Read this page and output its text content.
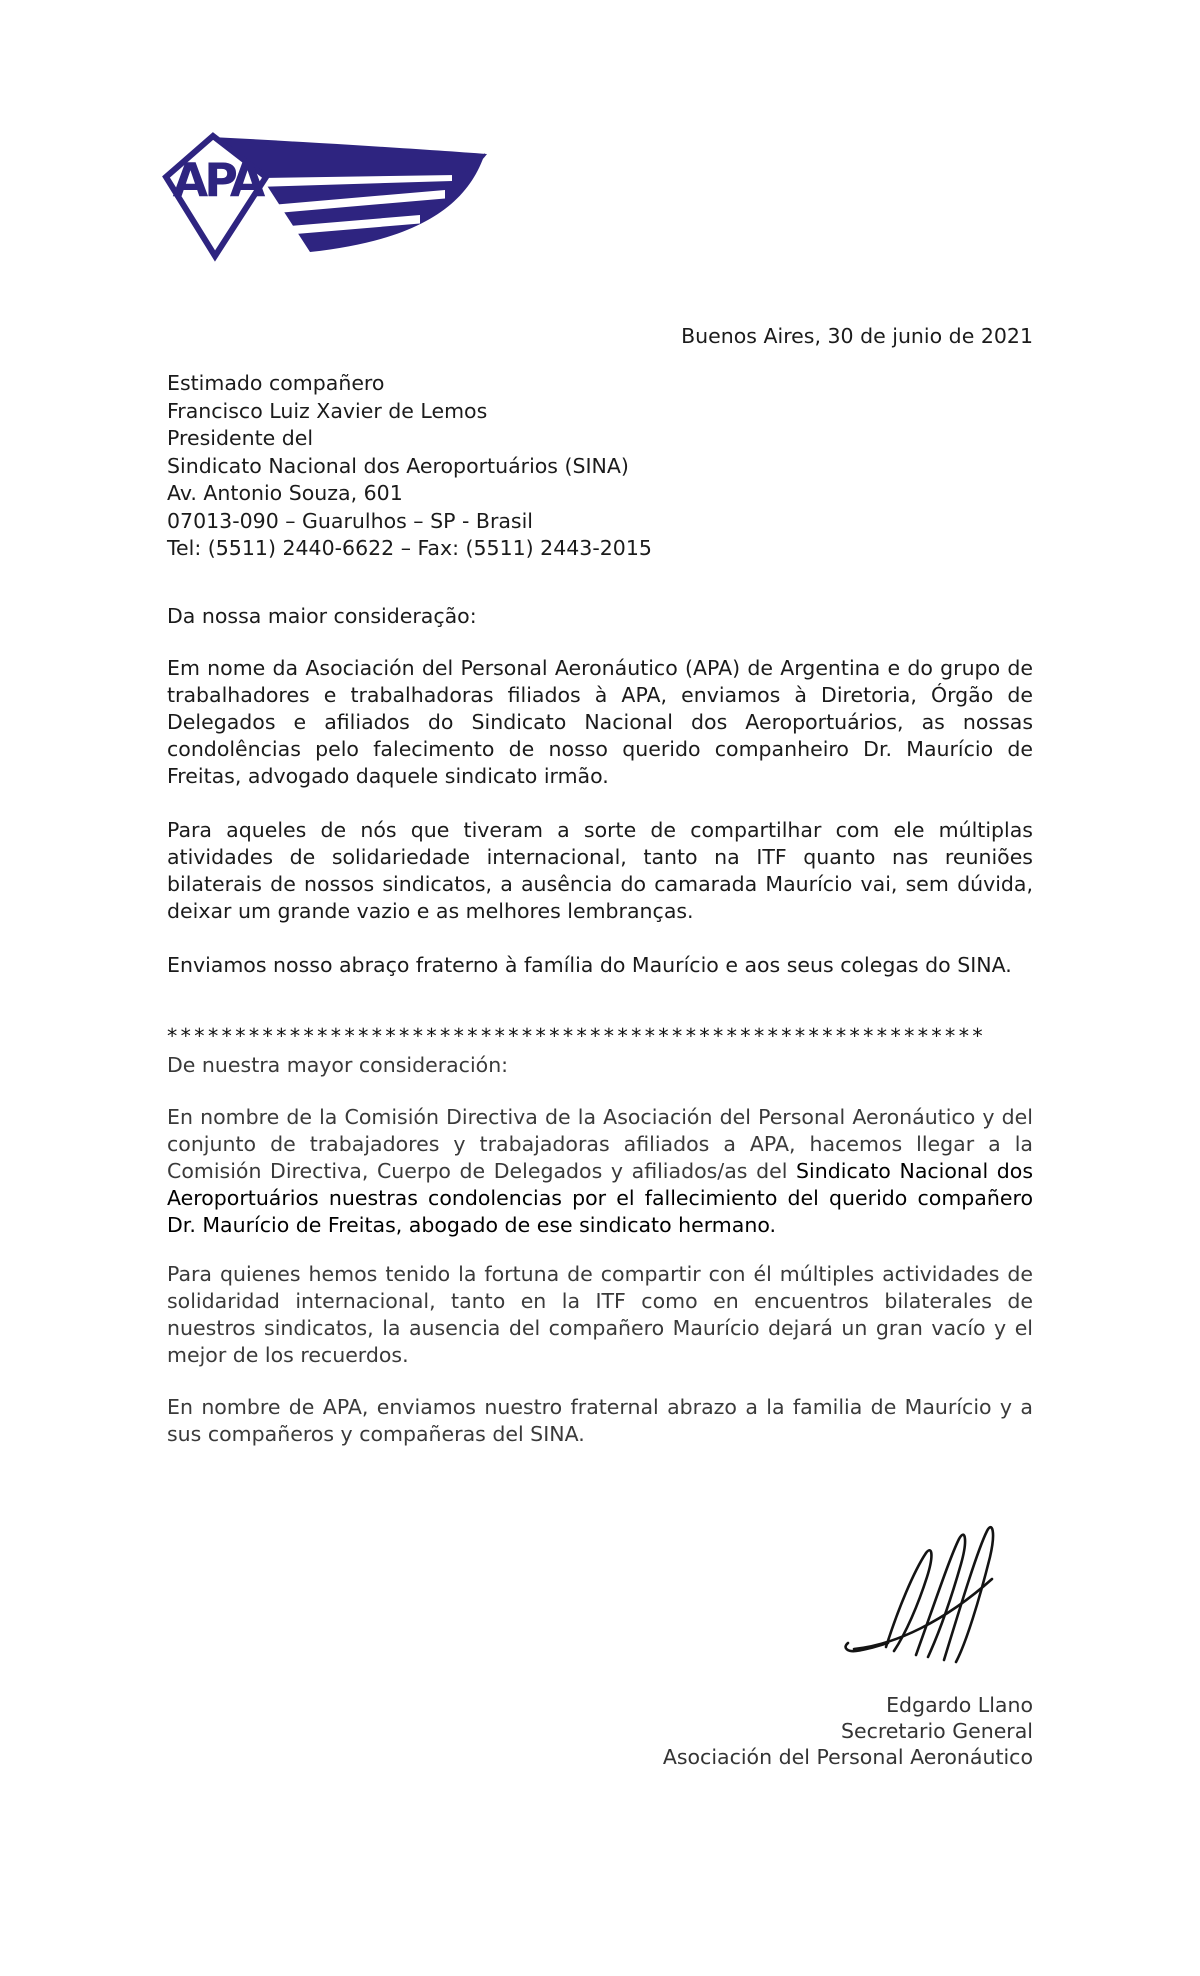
APA
Buenos Aires, 30 de junio de 2021
Estimado compañero
Francisco Luiz Xavier de Lemos
Presidente del
Sindicato Nacional dos Aeroportuários (SINA)
Av. Antonio Souza, 601
07013-090 – Guarulhos – SP - Brasil
Tel: (5511) 2440-6622 – Fax: (5511) 2443-2015
Da nossa maior consideração:

Em nome da Asociación del Personal Aeronáutico (APA) de Argentina e do grupo de trabalhadores e trabalhadoras filiados à APA, enviamos à Diretoria, Órgão de Delegados e afiliados do Sindicato Nacional dos Aeroportuários, as nossas condolências pelo falecimento de nosso querido companheiro Dr. Maurício de Freitas, advogado daquele sindicato irmão.

Para aqueles de nós que tiveram a sorte de compartilhar com ele múltiplas atividades de solidariedade internacional, tanto na ITF quanto nas reuniões bilaterais de nossos sindicatos, a ausência do camarada Maurício vai, sem dúvida, deixar um grande vazio e as melhores lembranças.

Enviamos nosso abraço fraterno à família do Maurício e aos seus colegas do SINA.

************************************************************
De nuestra mayor consideración:

En nombre de la Comisión Directiva de la Asociación del Personal Aeronáutico y del conjunto de trabajadores y trabajadoras afiliados a APA, hacemos llegar a la Comisión Directiva, Cuerpo de Delegados y afiliados/as del Sindicato Nacional dos Aeroportuários nuestras condolencias por el fallecimiento del querido compañero Dr. Maurício de Freitas, abogado de ese sindicato hermano.

Para quienes hemos tenido la fortuna de compartir con él múltiples actividades de solidaridad internacional, tanto en la ITF como en encuentros bilaterales de nuestros sindicatos, la ausencia del compañero Maurício dejará un gran vacío y el mejor de los recuerdos.

En nombre de APA, enviamos nuestro fraternal abrazo a la familia de Maurício y a sus compañeros y compañeras del SINA.

Edgardo Llano
Secretario General
Asociación del Personal Aeronáutico
